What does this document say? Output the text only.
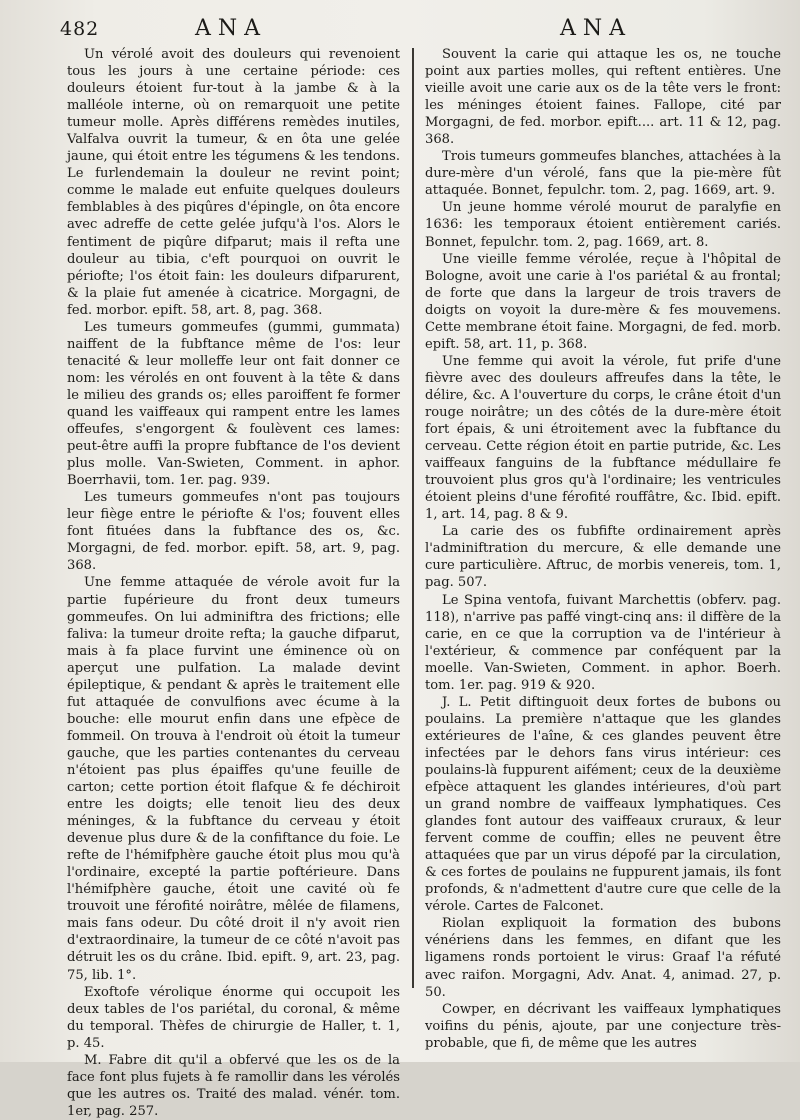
482	ANA	ANA

Un vérolé avoit des douleurs qui revenoient tous les jours à une certaine période: ces douleurs étoient fur-tout à la jambe & à la malléole interne, où on remarquoit une petite tumeur molle. Après différens remèdes inutiles, Valfalva ouvrit la tumeur, & en ôta une gelée jaune, qui étoit entre les tégumens & les tendons. Le furlendemain la douleur ne revint point; comme le malade eut enfuite quelques douleurs femblables à des piqûres d'épingle, on ôta encore avec adreffe de cette gelée jufqu'à l'os. Alors le fentiment de piqûre difparut; mais il refta une douleur au tibia, c'eft pourquoi on ouvrit le périofte; l'os étoit fain: les douleurs difparurent, & la plaie fut amenée à cicatrice. Morgagni, de fed. morbor. epift. 58, art. 8, pag. 368.

Les tumeurs gommeufes (gummi, gummata) naiffent de la fubftance même de l'os: leur tenacité & leur molleffe leur ont fait donner ce nom: les vérolés en ont fouvent à la tête & dans le milieu des grands os; elles paroiffent fe former quand les vaiffeaux qui rampent entre les lames offeufes, s'engorgent & foulèvent ces lames: peut-être auffi la propre fubftance de l'os devient plus molle. Van-Swieten, Comment. in aphor. Boerrhavii, tom. 1er. pag. 939.

Les tumeurs gommeufes n'ont pas toujours leur fiège entre le périofte & l'os; fouvent elles font fituées dans la fubftance des os, &c. Morgagni, de fed. morbor. epift. 58, art. 9, pag. 368.

Une femme attaquée de vérole avoit fur la partie fupérieure du front deux tumeurs gommeufes. On lui adminiftra des frictions; elle faliva: la tumeur droite refta; la gauche difparut, mais à fa place furvint une éminence où on aperçut une pulfation. La malade devint épileptique, & pendant & après le traitement elle fut attaquée de convulfions avec écume à la bouche: elle mourut enfin dans une efpèce de fommeil. On trouva à l'endroit où étoit la tumeur gauche, que les parties contenantes du cerveau n'étoient pas plus épaiffes qu'une feuille de carton; cette portion étoit flafque & fe déchiroit entre les doigts; elle tenoit lieu des deux méninges, & la fubftance du cerveau y étoit devenue plus dure & de la confiftance du foie. Le refte de l'hémifphère gauche étoit plus mou qu'à l'ordinaire, excepté la partie poftérieure. Dans l'hémifphère gauche, étoit une cavité où fe trouvoit une férofité noirâtre, mêlée de filamens, mais fans odeur. Du côté droit il n'y avoit rien d'extraordinaire, la tumeur de ce côté n'avoit pas détruit les os du crâne. Ibid. epift. 9, art. 23, pag. 75, lib. 1°.

Exoftofe vérolique énorme qui occupoit les deux tables de l'os pariétal, du coronal, & même du temporal. Thèfes de chirurgie de Haller, t. 1, p. 45.

M. Fabre dit qu'il a obfervé que les os de la face font plus fujets à fe ramollir dans les vérolés que les autres os. Traité des malad. vénér. tom. 1er, pag. 257.

Souvent la carie qui attaque les os, ne touche point aux parties molles, qui reftent entières. Une vieille avoit une carie aux os de la tête vers le front: les méninges étoient faines. Fallope, cité par Morgagni, de fed. morbor. epift.... art. 11 & 12, pag. 368.

Trois tumeurs gommeufes blanches, attachées à la dure-mère d'un vérolé, fans que la pie-mère fût attaquée. Bonnet, fepulchr. tom. 2, pag. 1669, art. 9.

Un jeune homme vérolé mourut de paralyfie en 1636: les temporaux étoient entièrement cariés. Bonnet, fepulchr. tom. 2, pag. 1669, art. 8.

Une vieille femme vérolée, reçue à l'hôpital de Bologne, avoit une carie à l'os pariétal & au frontal; de forte que dans la largeur de trois travers de doigts on voyoit la dure-mère & fes mouvemens. Cette membrane étoit faine. Morgagni, de fed. morb. epift. 58, art. 11, p. 368.

Une femme qui avoit la vérole, fut prife d'une fièvre avec des douleurs affreufes dans la tête, le délire, &c. A l'ouverture du corps, le crâne étoit d'un rouge noirâtre; un des côtés de la dure-mère étoit fort épais, & uni étroitement avec la fubftance du cerveau. Cette région étoit en partie putride, &c. Les vaiffeaux fanguins de la fubftance médullaire fe trouvoient plus gros qu'à l'ordinaire; les ventricules étoient pleins d'une férofité rouffâtre, &c. Ibid. epift. 1, art. 14, pag. 8 & 9.

La carie des os fubfifte ordinairement après l'adminiftration du mercure, & elle demande une cure particulière. Aftruc, de morbis venereis, tom. 1, pag. 507.

Le Spina ventofa, fuivant Marchettis (obferv. pag. 118), n'arrive pas paffé vingt-cinq ans: il diffère de la carie, en ce que la corruption va de l'intérieur à l'extérieur, & commence par conféquent par la moelle. Van-Swieten, Comment. in aphor. Boerh. tom. 1er. pag. 919 & 920.

J. L. Petit diftinguoit deux fortes de bubons ou poulains. La première n'attaque que les glandes extérieures de l'aîne, & ces glandes peuvent être infectées par le dehors fans virus intérieur: ces poulains-là fuppurent aifément; ceux de la deuxième efpèce attaquent les glandes intérieures, d'où part un grand nombre de vaiffeaux lymphatiques. Ces glandes font autour des vaiffeaux cruraux, & leur fervent comme de couffin; elles ne peuvent être attaquées que par un virus dépofé par la circulation, & ces fortes de poulains ne fuppurent jamais, ils font profonds, & n'admettent d'autre cure que celle de la vérole. Cartes de Falconet.

Riolan expliquoit la formation des bubons vénériens dans les femmes, en difant que les ligamens ronds portoient le virus: Graaf l'a réfuté avec raifon. Morgagni, Adv. Anat. 4, animad. 27, p. 50.

Cowper, en décrivant les vaiffeaux lymphatiques voifins du pénis, ajoute, par une conjecture très-probable, que fi, de même que les autres
